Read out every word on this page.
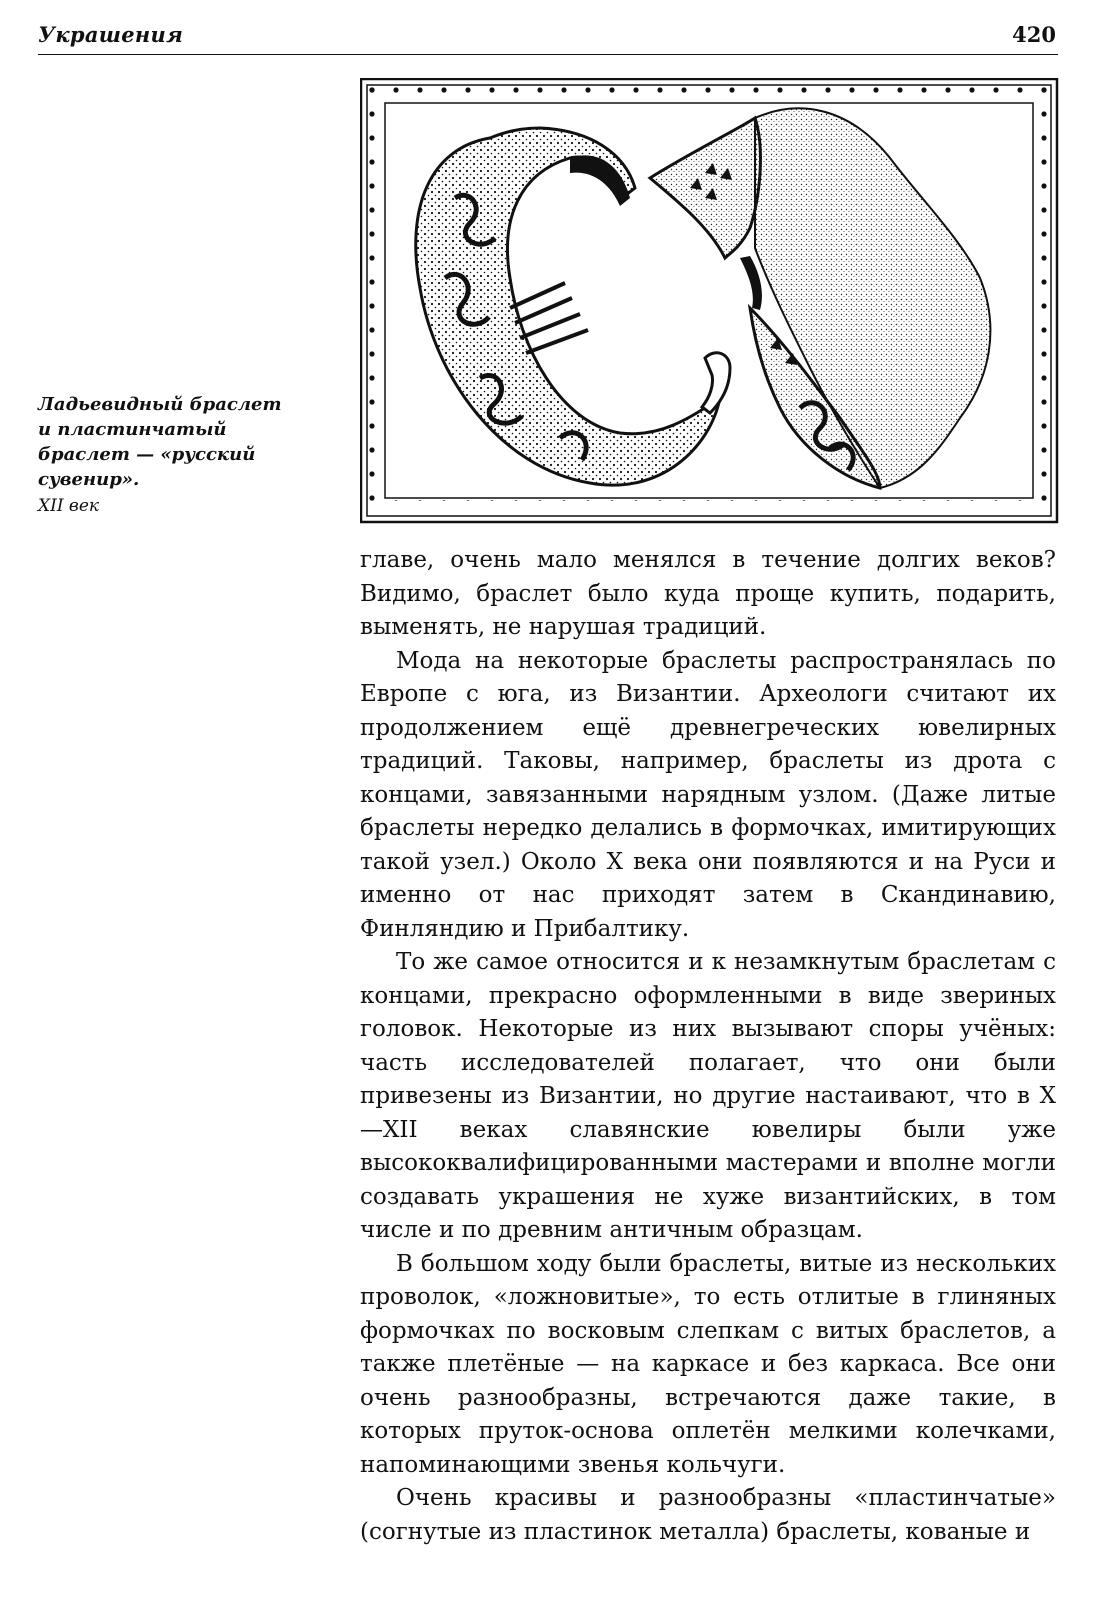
Украшения	420

Ладьевидный браслет и пластинчатый браслет — «русский сувенир».

XII век

главе, очень мало менялся в течение долгих веков? Видимо, браслет было куда проще купить, подарить, выменять, не нарушая традиций.

Мода на некоторые браслеты распространялась по Европе с юга, из Византии. Археологи считают их продолжением ещё древнегреческих ювелирных традиций. Таковы, например, браслеты из дрота с концами, завязанными нарядным узлом. (Даже литые браслеты нередко делались в формочках, имитирующих такой узел.) Около X века они появляются и на Руси и именно от нас приходят затем в Скандинавию, Финляндию и Прибалтику.

То же самое относится и к незамкнутым браслетам с концами, прекрасно оформленными в виде звериных головок. Некоторые из них вызывают споры учёных: часть исследователей полагает, что они были привезены из Византии, но другие настаивают, что в X—XII веках славянские ювелиры были уже высококвалифицированными мастерами и вполне могли создавать украшения не хуже византийских, в том числе и по древним античным образцам.

В большом ходу были браслеты, витые из нескольких проволок, «ложновитые», то есть отлитые в глиняных формочках по восковым слепкам с витых браслетов, а также плетёные — на каркасе и без каркаса. Все они очень разнообразны, встречаются даже такие, в которых пруток-основа оплетён мелкими колечками, напоминающими звенья кольчуги.

Очень красивы и разнообразны «пластинчатые» (согнутые из пластинок металла) браслеты, кованые и
